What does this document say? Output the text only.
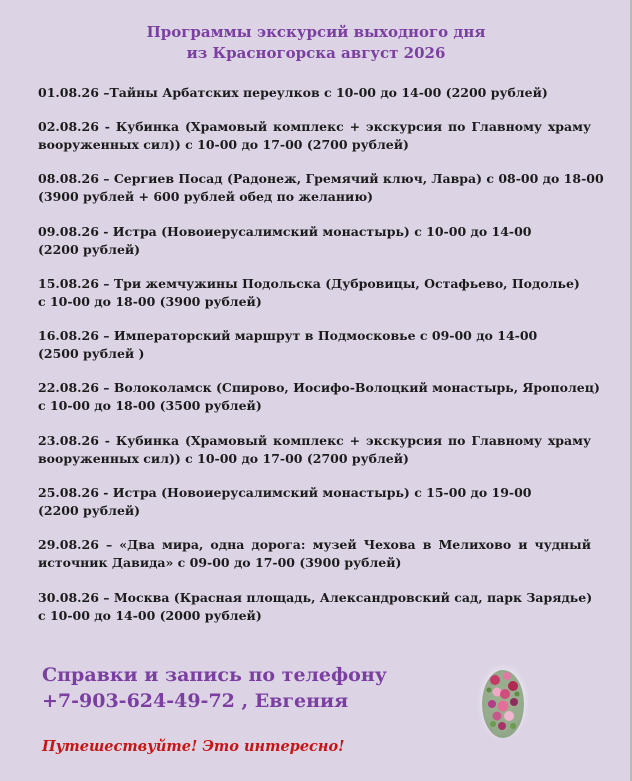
Программы экскурсий выходного дня
из Красногорска август 2026
01.08.26 –Тайны Арбатских переулков с 10-00 до 14-00 (2200 рублей)
02.08.26 - Кубинка (Храмовый комплекс + экскурсия по Главному храму
вооруженных сил)) с 10-00 до 17-00 (2700 рублей)
08.08.26 – Сергиев Посад (Радонеж, Гремячий ключ, Лавра) с 08-00 до 18-00
(3900 рублей + 600 рублей обед по желанию)
09.08.26 - Истра (Новоиерусалимский монастырь) с 10-00 до 14-00
(2200 рублей)
15.08.26 – Три жемчужины Подольска (Дубровицы, Остафьево, Подолье)
с 10-00 до 18-00 (3900 рублей)
16.08.26 – Императорский маршрут в Подмосковье с 09-00 до 14-00
(2500 рублей )
22.08.26 – Волоколамск (Спирово, Иосифо-Волоцкий монастырь, Ярополец)
с 10-00 до 18-00 (3500 рублей)
23.08.26 - Кубинка (Храмовый комплекс + экскурсия по Главному храму
вооруженных сил)) с 10-00 до 17-00 (2700 рублей)
25.08.26 - Истра (Новоиерусалимский монастырь) с 15-00 до 19-00
(2200 рублей)
29.08.26 – «Два мира, одна дорога: музей Чехова в Мелихово и чудный
источник Давида» с 09-00 до 17-00 (3900 рублей)
30.08.26 – Москва (Красная площадь, Александровский сад, парк Зарядье)
с 10-00 до 14-00 (2000 рублей)
Справки и запись по телефону
+7-903-624-49-72 , Евгения
Путешествуйте! Это интересно!
